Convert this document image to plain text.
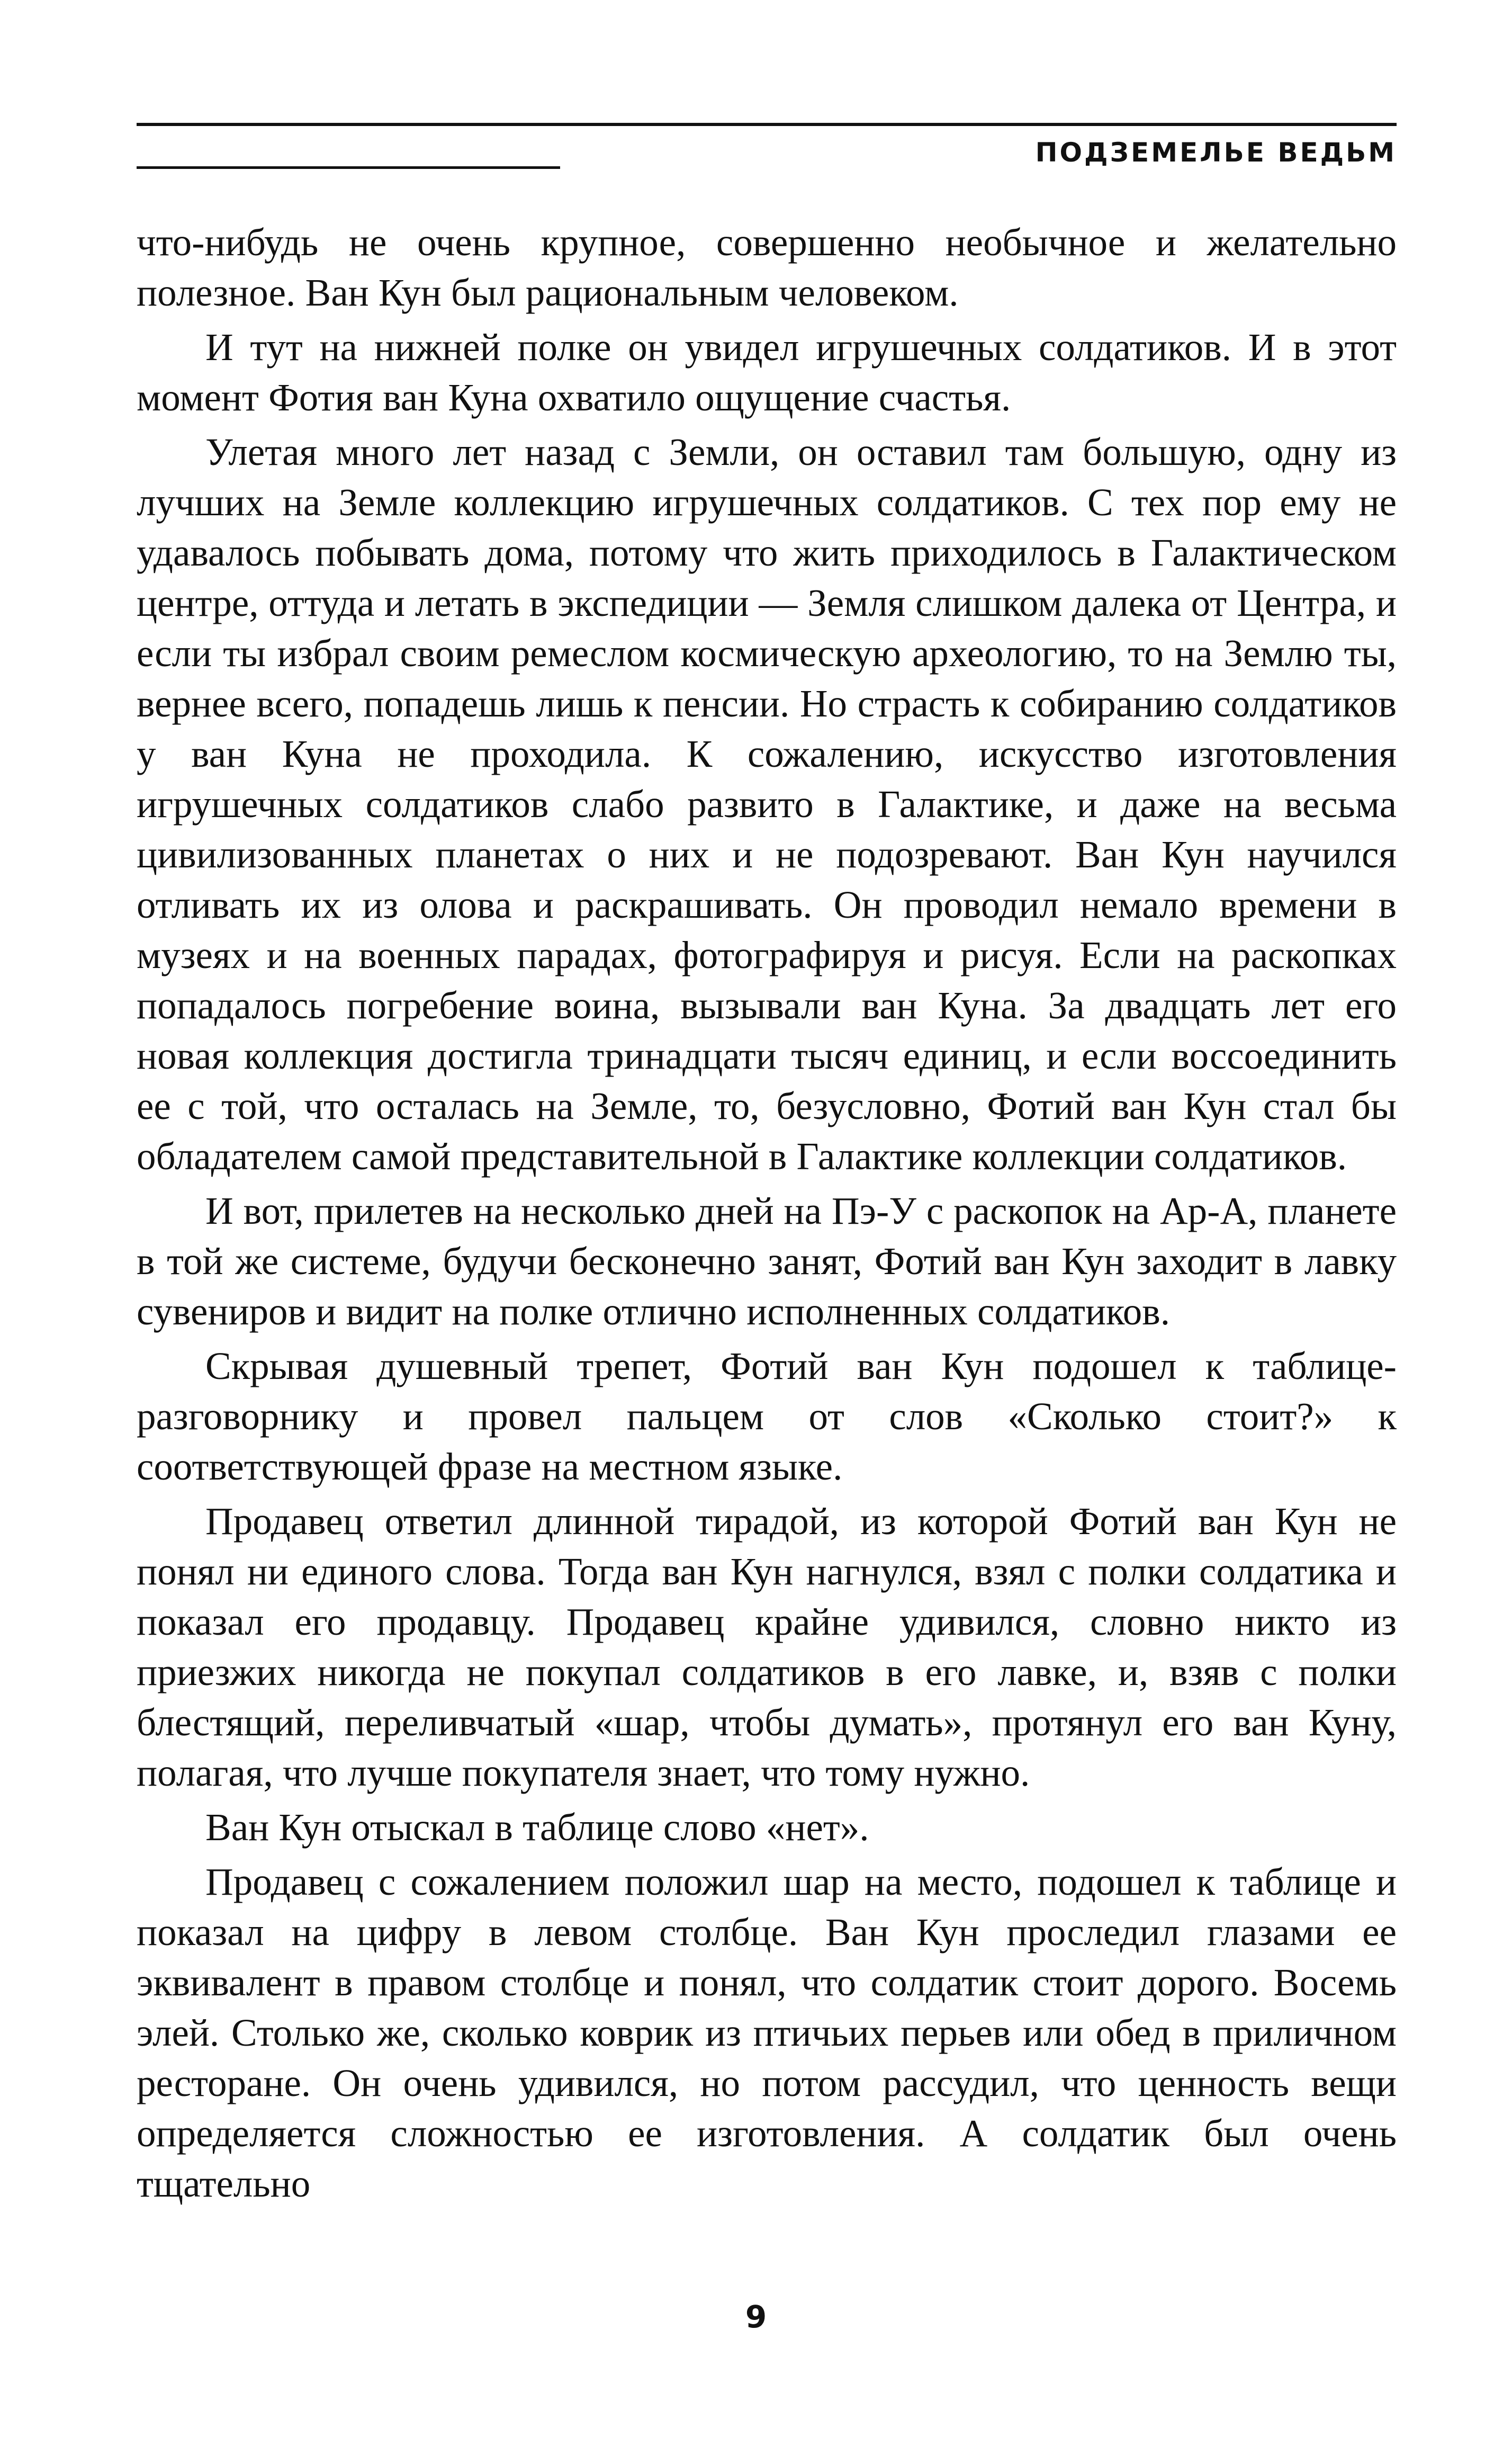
ПОДЗЕМЕЛЬЕ ВЕДЬМ

что-нибудь не очень крупное, совершенно необычное и желательно полезное. Ван Кун был рациональным человеком.

И тут на нижней полке он увидел игрушечных солдатиков. И в этот момент Фотия ван Куна охватило ощущение счастья.

Улетая много лет назад с Земли, он оставил там большую, одну из лучших на Земле коллекцию игрушечных солдатиков. С тех пор ему не удавалось побывать дома, потому что жить приходилось в Галактическом центре, оттуда и летать в экспедиции — Земля слишком далека от Центра, и если ты избрал своим ремеслом космическую археологию, то на Землю ты, вернее всего, попадешь лишь к пенсии. Но страсть к собиранию солдатиков у ван Куна не проходила. К сожалению, искусство изготовления игрушечных солдатиков слабо развито в Галактике, и даже на весьма цивилизованных планетах о них и не подозревают. Ван Кун научился отливать их из олова и раскрашивать. Он проводил немало времени в музеях и на военных парадах, фотографируя и рисуя. Если на раскопках попадалось погребение воина, вызывали ван Куна. За двадцать лет его новая коллекция достигла тринадцати тысяч единиц, и если воссоединить ее с той, что осталась на Земле, то, безусловно, Фотий ван Кун стал бы обладателем самой представительной в Галактике коллекции солдатиков.

И вот, прилетев на несколько дней на Пэ-У с раскопок на Ар-А, планете в той же системе, будучи бесконечно занят, Фотий ван Кун заходит в лавку сувениров и видит на полке отлично исполненных солдатиков.

Скрывая душевный трепет, Фотий ван Кун подошел к таблице-разговорнику и провел пальцем от слов «Сколько стоит?» к соответствующей фразе на местном языке.

Продавец ответил длинной тирадой, из которой Фотий ван Кун не понял ни единого слова. Тогда ван Кун нагнулся, взял с полки солдатика и показал его продавцу. Продавец крайне удивился, словно никто из приезжих никогда не покупал солдатиков в его лавке, и, взяв с полки блестящий, переливчатый «шар, чтобы думать», протянул его ван Куну, полагая, что лучше покупателя знает, что тому нужно.

Ван Кун отыскал в таблице слово «нет».

Продавец с сожалением положил шар на место, подошел к таблице и показал на цифру в левом столбце. Ван Кун проследил глазами ее эквивалент в правом столбце и понял, что солдатик стоит дорого. Восемь элей. Столько же, сколько коврик из птичьих перьев или обед в приличном ресторане. Он очень удивился, но потом рассудил, что ценность вещи определяется сложностью ее изготовления. А солдатик был очень тщательно

9
